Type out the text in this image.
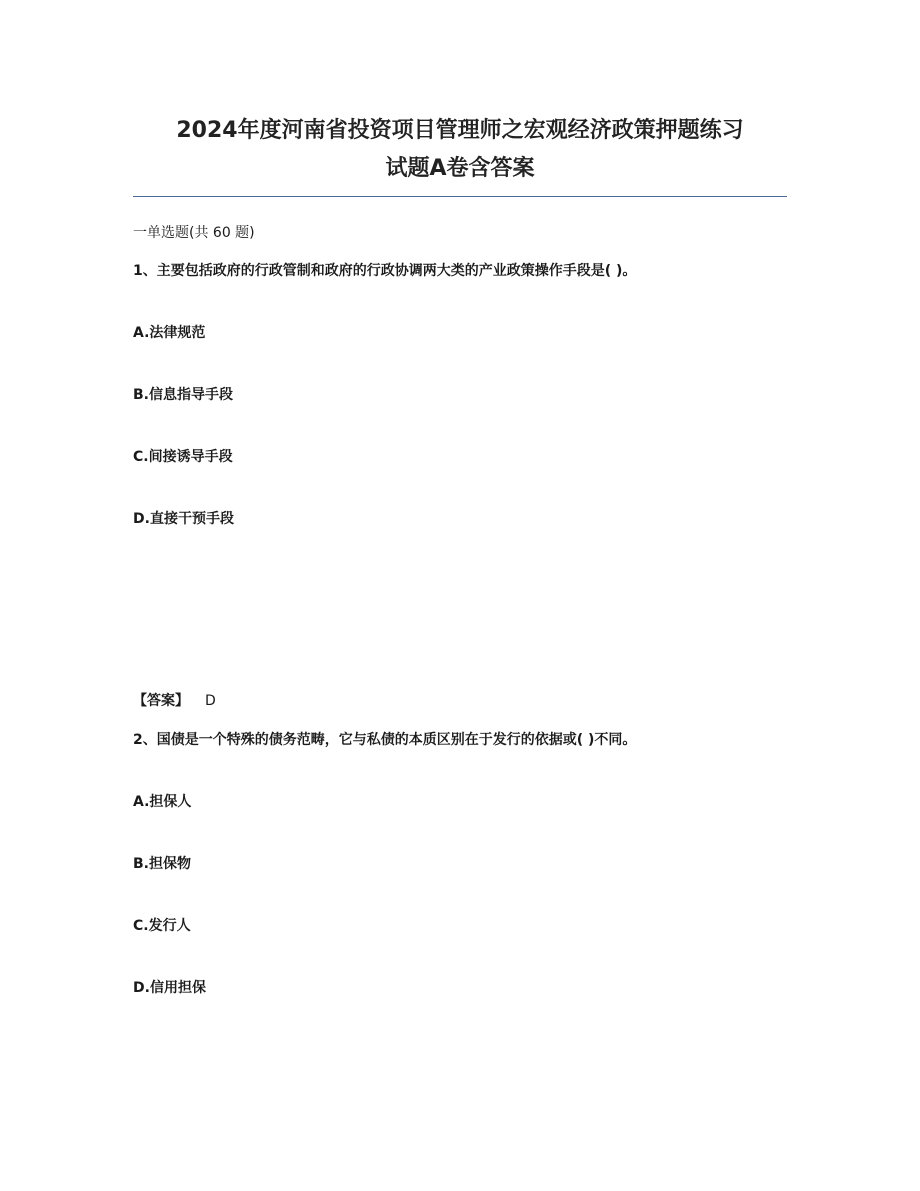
2024年度河南省投资项目管理师之宏观经济政策押题练习
试题A卷含答案
一单选题(共 60 题)
1、主要包括政府的行政管制和政府的行政协调两大类的产业政策操作手段是( )。
A.法律规范
B.信息指导手段
C.间接诱导手段
D.直接干预手段
【答案】 D
2、国债是一个特殊的债务范畴，它与私债的本质区别在于发行的依据或( )不同。
A.担保人
B.担保物
C.发行人
D.信用担保
